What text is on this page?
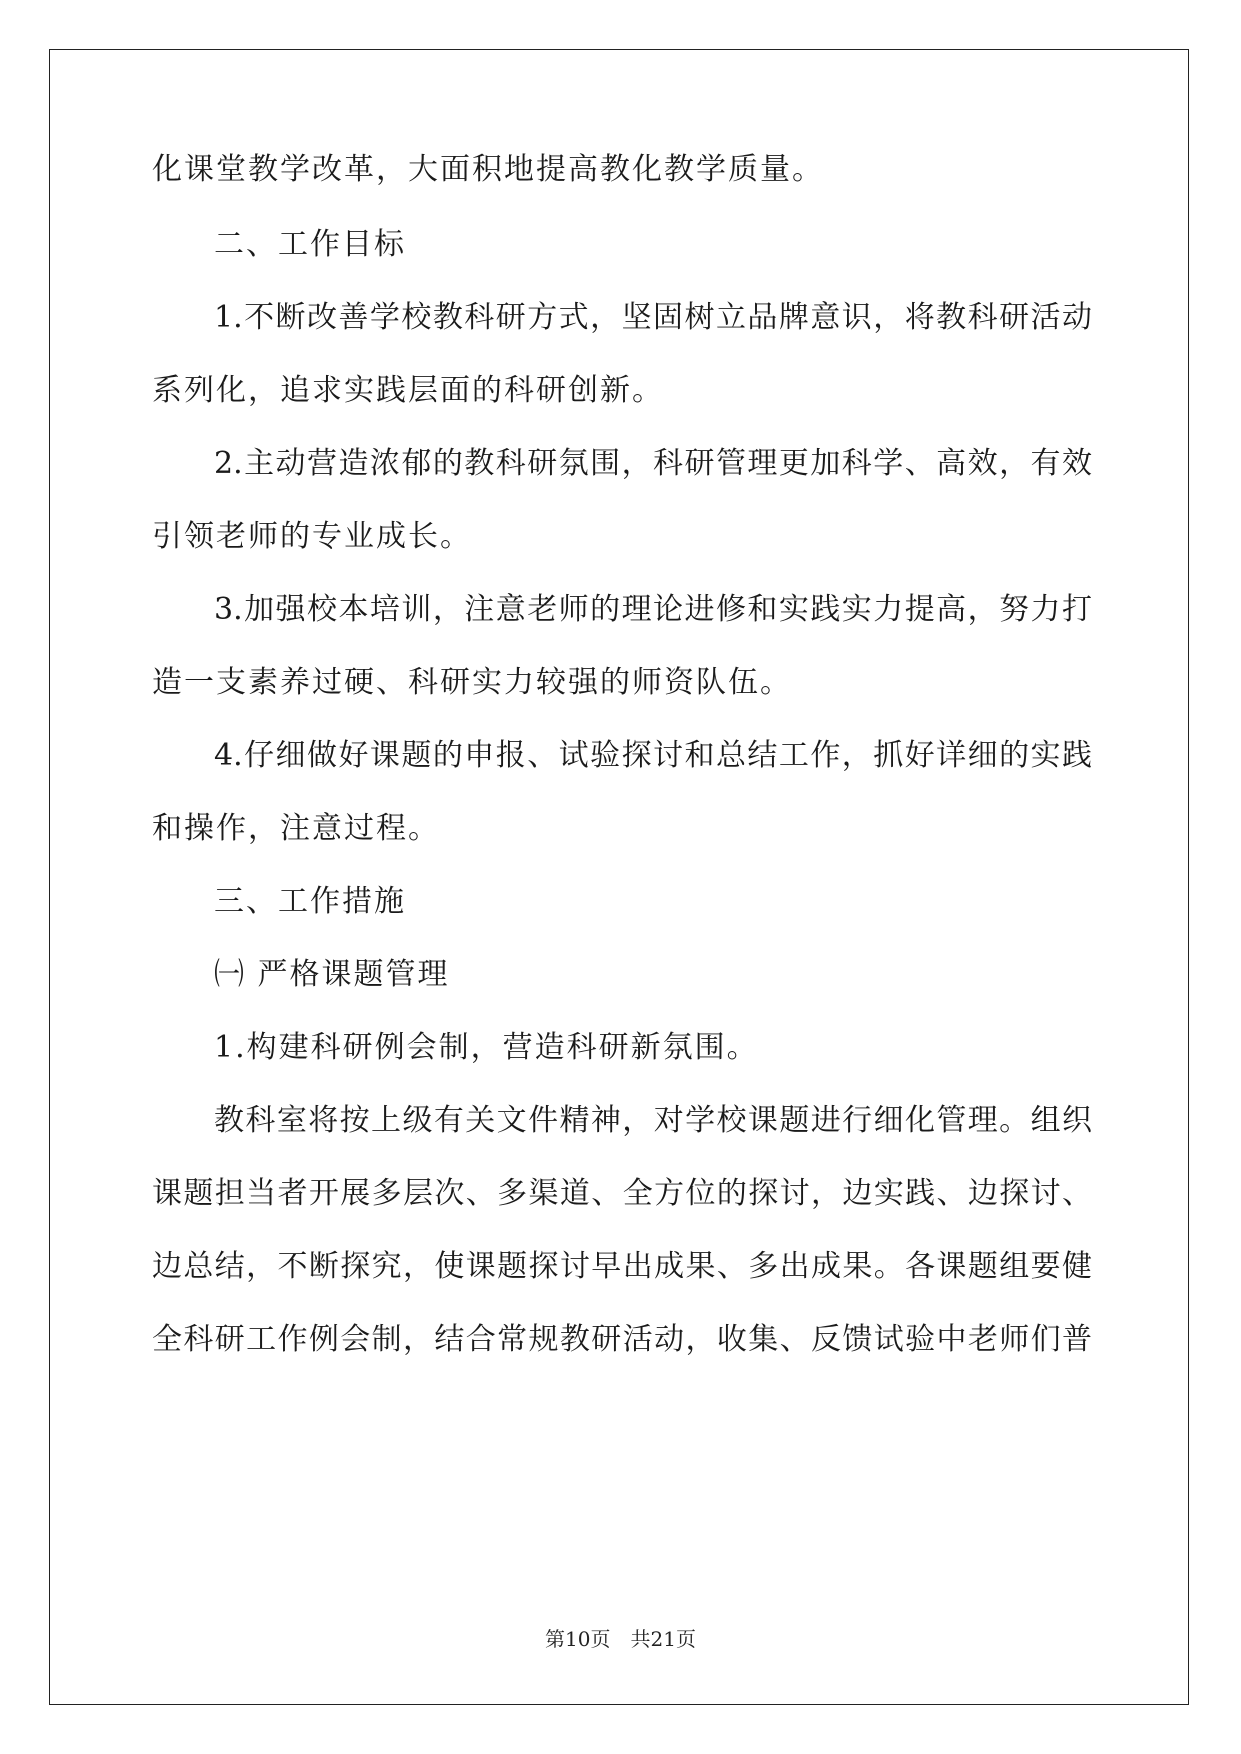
化课堂教学改革，大面积地提高教化教学质量。
二、工作目标
1.不断改善学校教科研方式，坚固树立品牌意识，将教科研活动
系列化，追求实践层面的科研创新。
2.主动营造浓郁的教科研氛围，科研管理更加科学、高效，有效
引领老师的专业成长。
3.加强校本培训，注意老师的理论进修和实践实力提高，努力打
造一支素养过硬、科研实力较强的师资队伍。
4.仔细做好课题的申报、试验探讨和总结工作，抓好详细的实践
和操作，注意过程。
三、工作措施
㈠ 严格课题管理
1.构建科研例会制，营造科研新氛围。
教科室将按上级有关文件精神，对学校课题进行细化管理。组织
课题担当者开展多层次、多渠道、全方位的探讨，边实践、边探讨、
边总结，不断探究，使课题探讨早出成果、多出成果。各课题组要健
全科研工作例会制，结合常规教研活动，收集、反馈试验中老师们普
第10页　共21页
